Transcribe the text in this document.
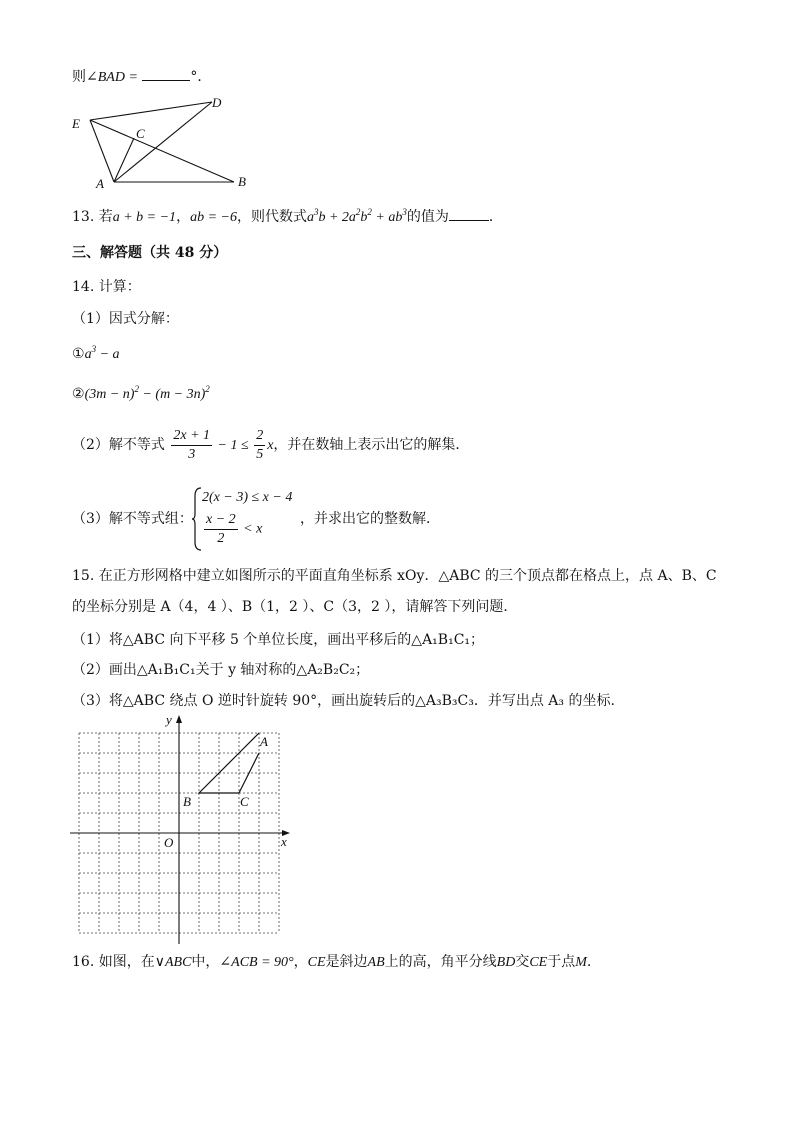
则∠BAD =	°．
E
D
C
A	B
13. 若a + b = −1，ab = −6，则代数式$a^3b + 2a^2b^2 + ab^3$的值为	．
三、解答题（共 48 分）
14. 计算：
（1）因式分解：
$①a^3 - a$
②(3m − $n)^2 - (m - 3n)^2$
（2）解不等式 $\frac{2x + 1}{3} - 1 \le \frac{2}{5}$ x，并在数轴上表示出它的解集．
（3）解不等式组：
2(x − 3) ≤ x − 4
$\frac{x - 2}{2} < x$
，并求出它的整数解．
15. 在正方形网格中建立如图所示的平面直角坐标系 xOy．△ABC 的三个顶点都在格点上，点 A、B、C
的坐标分别是 A（4，4 ）、B（1，2 ）、C（3，2 ），请解答下列问题．
（1）将△ABC 向下平移 5 个单位长度，画出平移后的△A₁B₁C₁；
（2）画出△A₁B₁C₁关于 y 轴对称的△A₂B₂C₂；
（3）将△ABC 绕点 O 逆时针旋转 90°，画出旋转后的△A₃B₃C₃．并写出点 A₃ 的坐标.
A
B	C
O	x
y
16. 如图，在∨ABC中，∠ACB = 90°，CE是斜边AB上的高，角平分线BD交CE于点M.
